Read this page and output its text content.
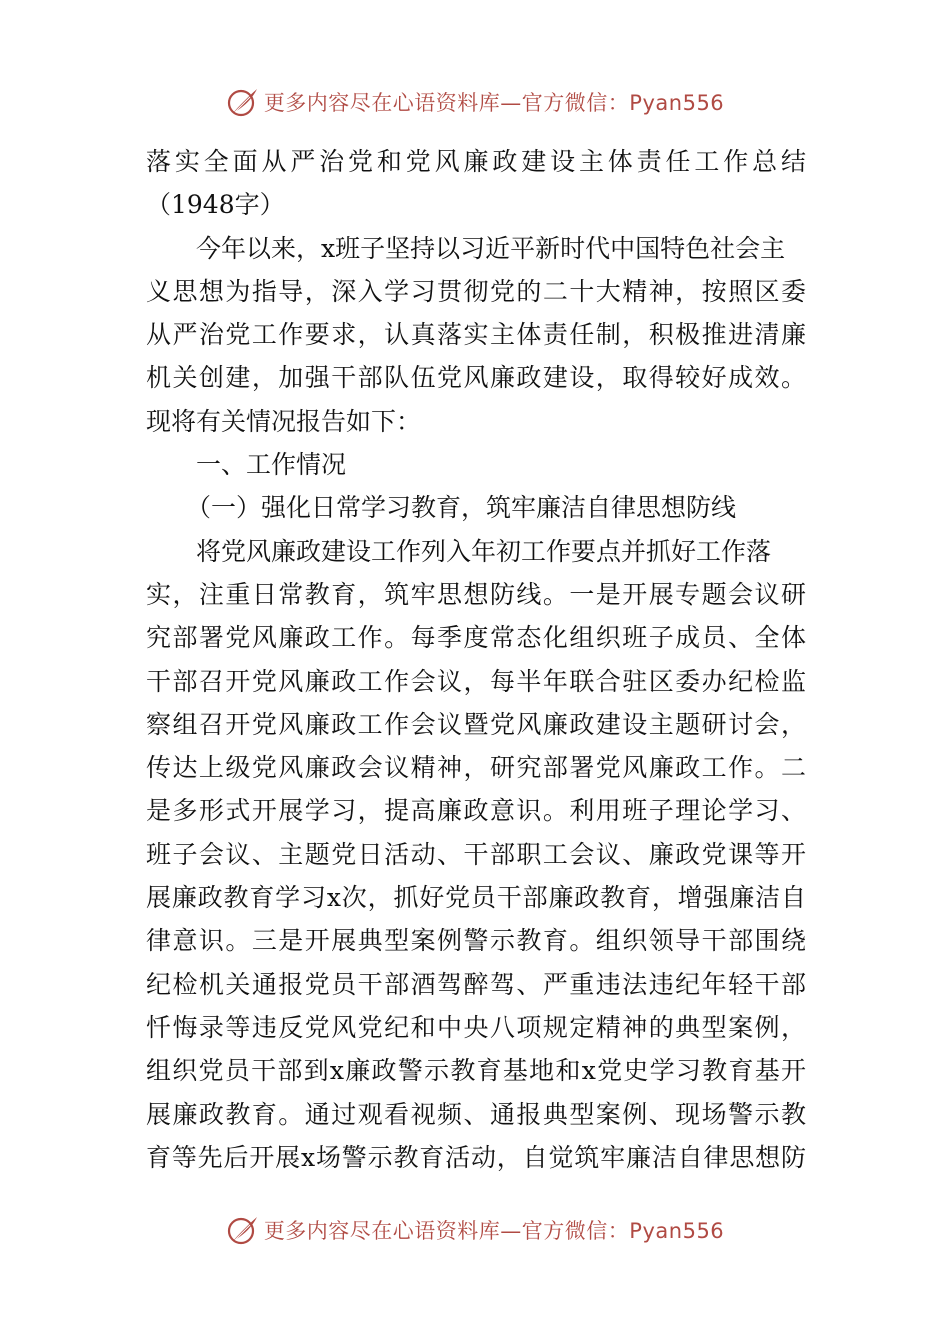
更多内容尽在心语资料库—官方微信：Pyan556
落实全面从严治党和党风廉政建设主体责任工作总结
（1948字）
今年以来，x班子坚持以习近平新时代中国特色社会主
义思想为指导，深入学习贯彻党的二十大精神，按照区委
从严治党工作要求，认真落实主体责任制，积极推进清廉
机关创建，加强干部队伍党风廉政建设，取得较好成效。
现将有关情况报告如下：
一、工作情况
（一）强化日常学习教育，筑牢廉洁自律思想防线
将党风廉政建设工作列入年初工作要点并抓好工作落
实，注重日常教育，筑牢思想防线。一是开展专题会议研
究部署党风廉政工作。每季度常态化组织班子成员、全体
干部召开党风廉政工作会议，每半年联合驻区委办纪检监
察组召开党风廉政工作会议暨党风廉政建设主题研讨会，
传达上级党风廉政会议精神，研究部署党风廉政工作。二
是多形式开展学习，提高廉政意识。利用班子理论学习、
班子会议、主题党日活动、干部职工会议、廉政党课等开
展廉政教育学习x次，抓好党员干部廉政教育，增强廉洁自
律意识。三是开展典型案例警示教育。组织领导干部围绕
纪检机关通报党员干部酒驾醉驾、严重违法违纪年轻干部
忏悔录等违反党风党纪和中央八项规定精神的典型案例，
组织党员干部到x廉政警示教育基地和x党史学习教育基开
展廉政教育。通过观看视频、通报典型案例、现场警示教
育等先后开展x场警示教育活动，自觉筑牢廉洁自律思想防
更多内容尽在心语资料库—官方微信：Pyan556
